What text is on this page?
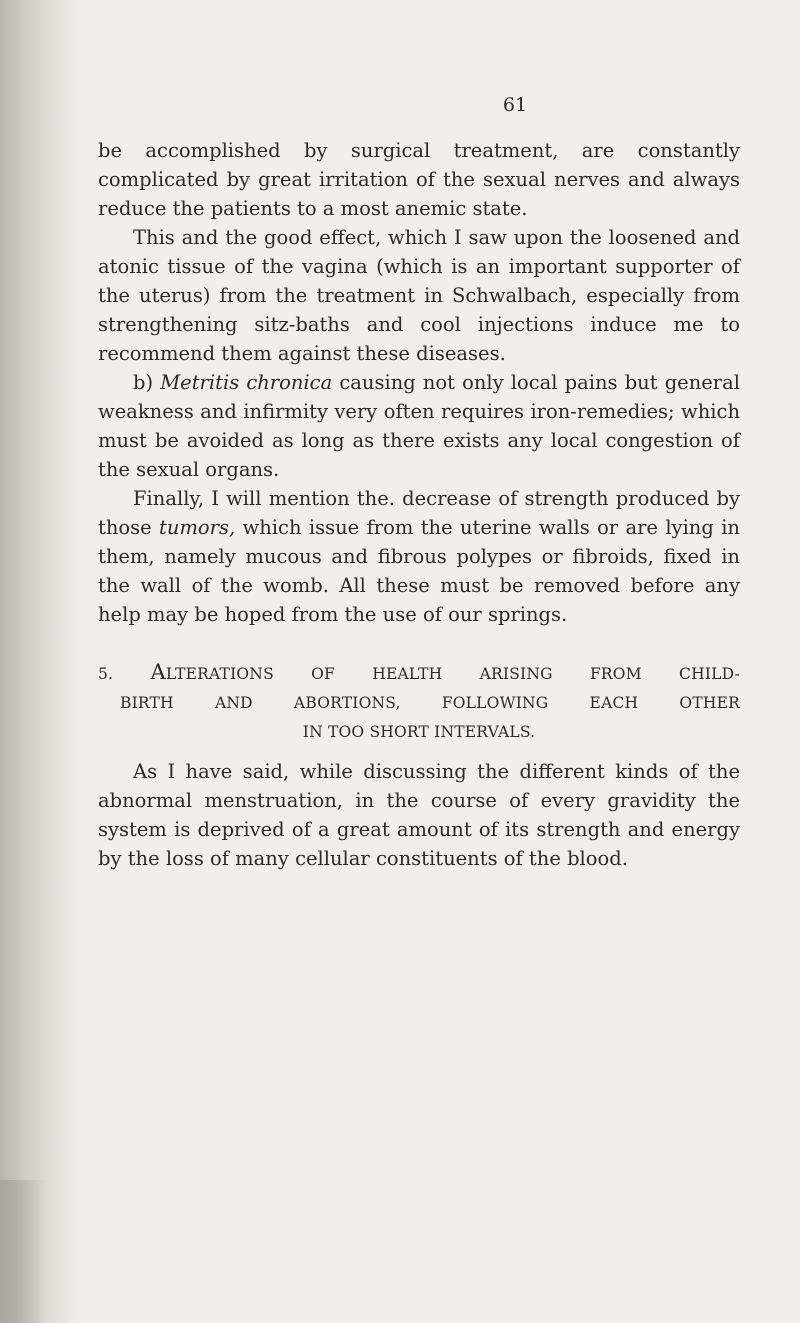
61

be accomplished by surgical treatment, are constantly complicated by great irritation of the sexual nerves and always reduce the patients to a most anemic state.

This and the good effect, which I saw upon the loosened and atonic tissue of the vagina (which is an important supporter of the uterus) from the treatment in Schwalbach, especially from strengthening sitz-baths and cool injections induce me to recommend them against these diseases.

b) Metritis chronica causing not only local pains but general weakness and infirmity very often requires iron-remedies; which must be avoided as long as there exists any local congestion of the sexual organs.

Finally, I will mention the. decrease of strength produced by those tumors, which issue from the uterine walls or are lying in them, namely mucous and fibrous polypes or fibroids, fixed in the wall of the womb. All these must be removed before any help may be hoped from the use of our springs.

5. ALTERATIONS OF HEALTH ARISING FROM CHILD-
BIRTH AND ABORTIONS, FOLLOWING EACH OTHER
IN TOO SHORT INTERVALS.

As I have said, while discussing the different kinds of the abnormal menstruation, in the course of every gravidity the system is deprived of a great amount of its strength and energy by the loss of many cellular constituents of the blood.
